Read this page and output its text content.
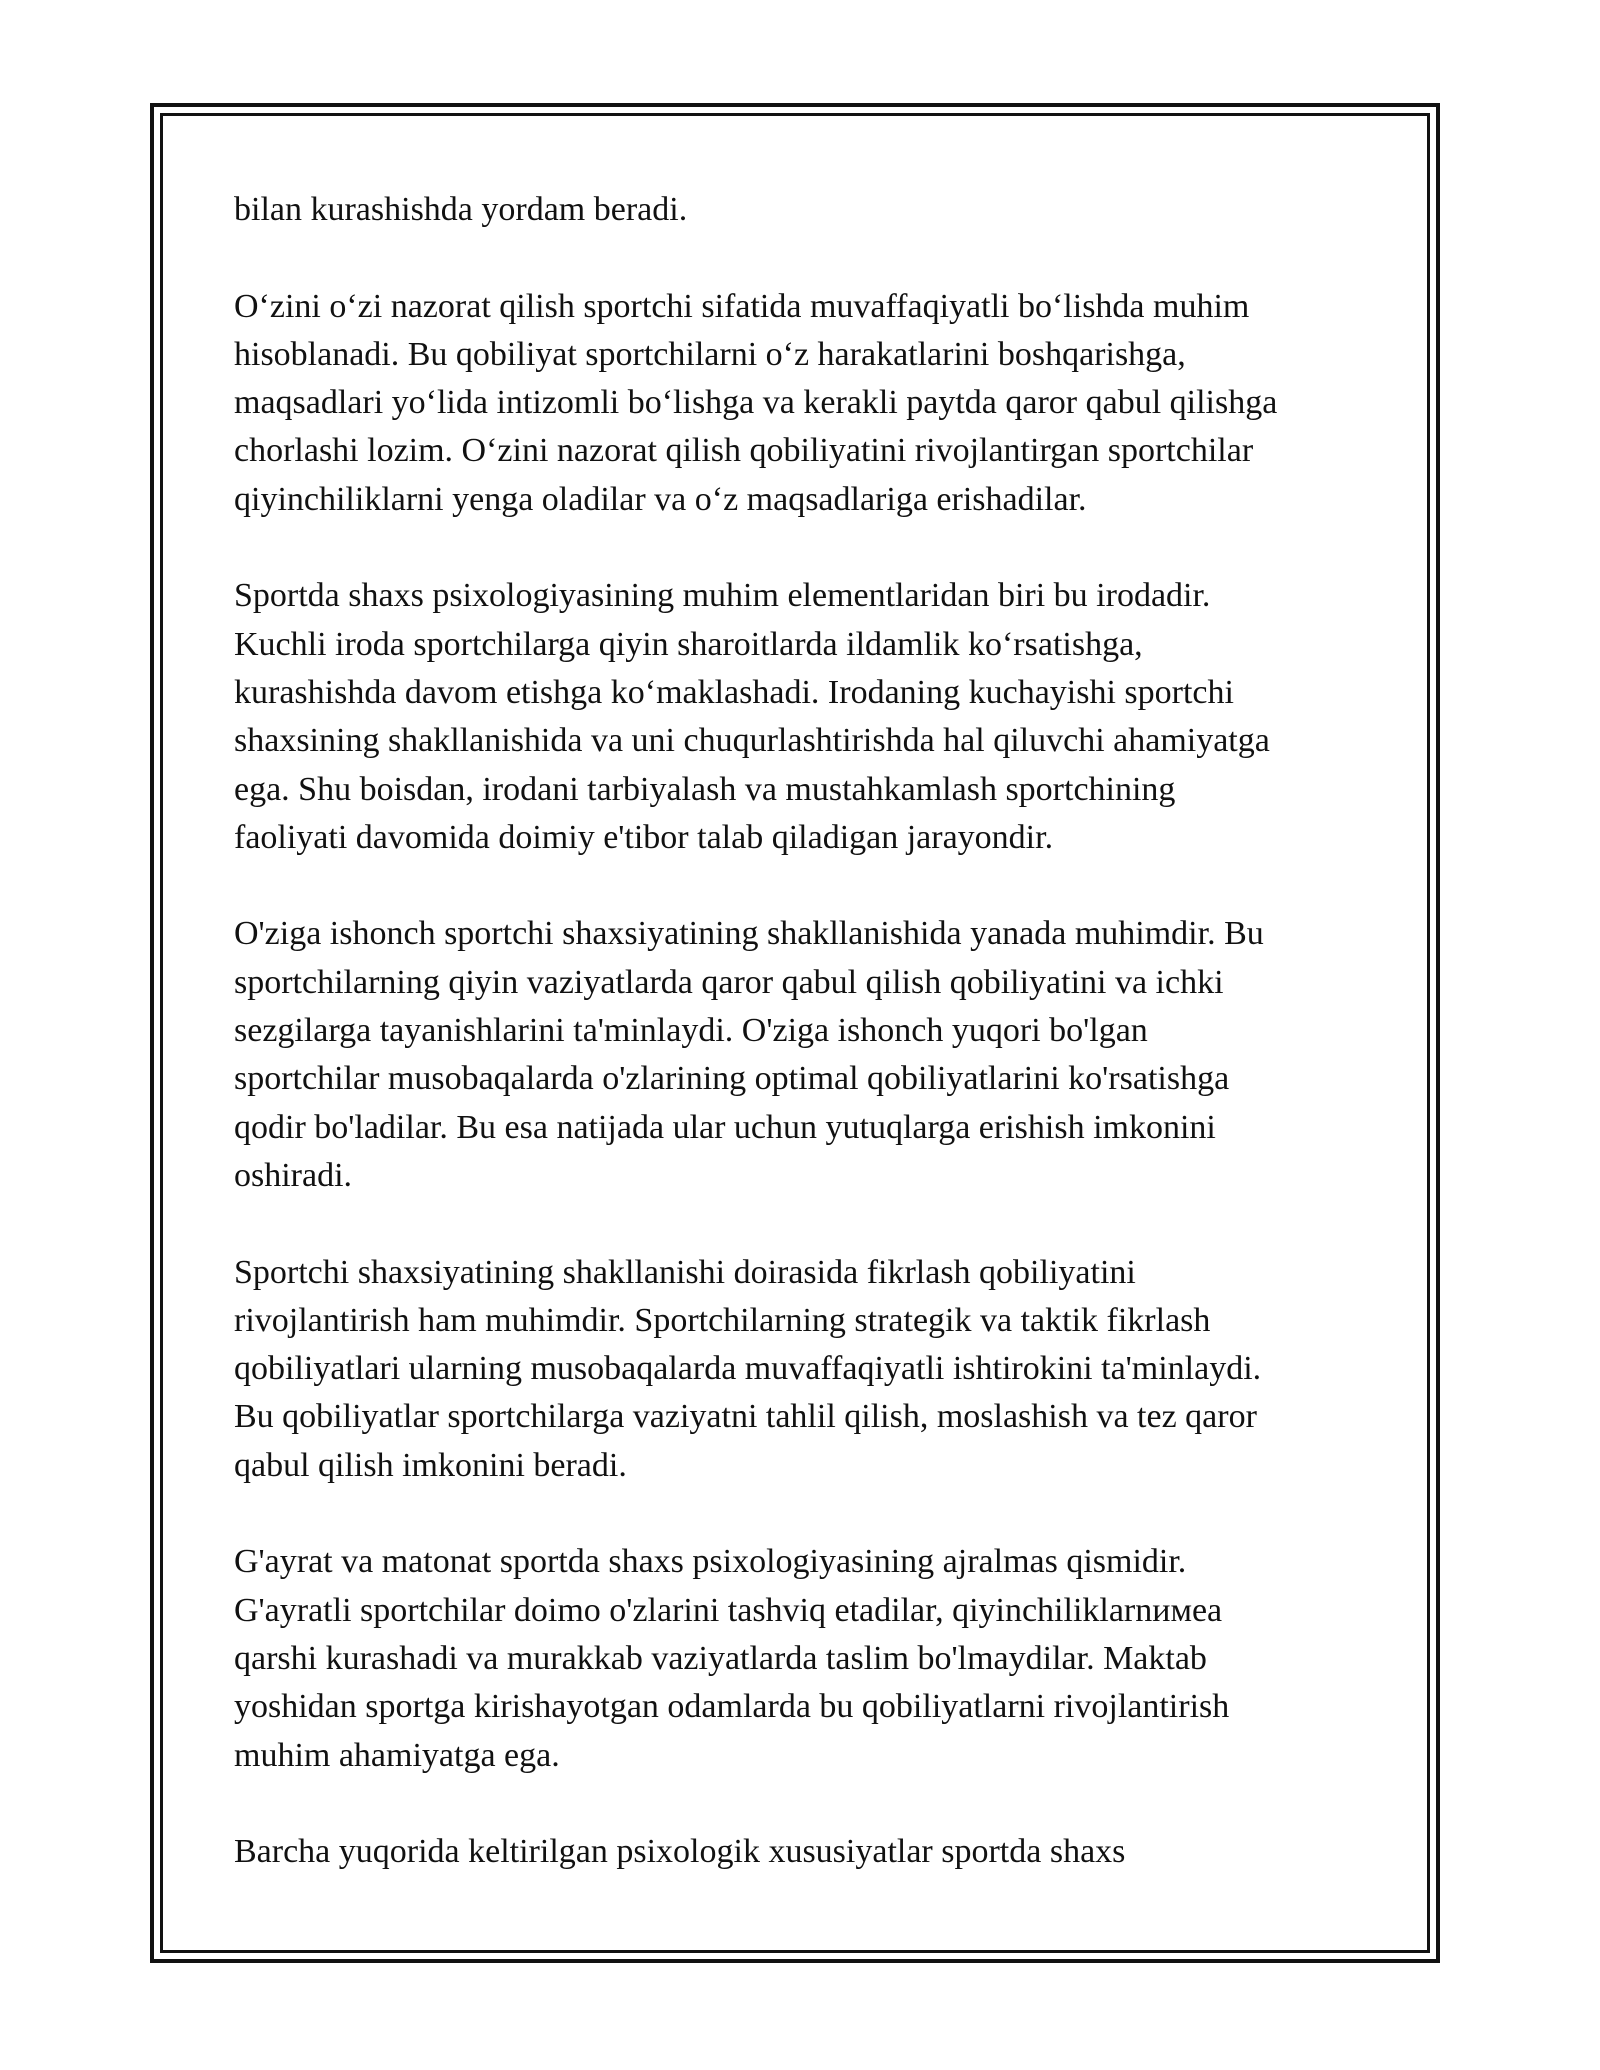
bilan kurashishda yordam beradi.

O‘zini o‘zi nazorat qilish sportchi sifatida muvaffaqiyatli bo‘lishda muhim
hisoblanadi. Bu qobiliyat sportchilarni o‘z harakatlarini boshqarishga,
maqsadlari yo‘lida intizomli bo‘lishga va kerakli paytda qaror qabul qilishga
chorlashi lozim. O‘zini nazorat qilish qobiliyatini rivojlantirgan sportchilar
qiyinchiliklarni yenga oladilar va o‘z maqsadlariga erishadilar.

Sportda shaxs psixologiyasining muhim elementlaridan biri bu irodadir.
Kuchli iroda sportchilarga qiyin sharoitlarda ildamlik ko‘rsatishga,
kurashishda davom etishga ko‘maklashadi. Irodaning kuchayishi sportchi
shaxsining shakllanishida va uni chuqurlashtirishda hal qiluvchi ahamiyatga
ega. Shu boisdan, irodani tarbiyalash va mustahkamlash sportchining
faoliyati davomida doimiy e'tibor talab qiladigan jarayondir.

O'ziga ishonch sportchi shaxsiyatining shakllanishida yanada muhimdir. Bu
sportchilarning qiyin vaziyatlarda qaror qabul qilish qobiliyatini va ichki
sezgilarga tayanishlarini ta'minlaydi. O'ziga ishonch yuqori bo'lgan
sportchilar musobaqalarda o'zlarining optimal qobiliyatlarini ko'rsatishga
qodir bo'ladilar. Bu esa natijada ular uchun yutuqlarga erishish imkonini
oshiradi.

Sportchi shaxsiyatining shakllanishi doirasida fikrlash qobiliyatini
rivojlantirish ham muhimdir. Sportchilarning strategik va taktik fikrlash
qobiliyatlari ularning musobaqalarda muvaffaqiyatli ishtirokini ta'minlaydi.
Bu qobiliyatlar sportchilarga vaziyatni tahlil qilish, moslashish va tez qaror
qabul qilish imkonini beradi.

G'ayrat va matonat sportda shaxs psixologiyasining ajralmas qismidir.
G'ayratli sportchilar doimo o'zlarini tashviq etadilar, qiyinchiliklarnимеa
qarshi kurashadi va murakkab vaziyatlarda taslim bo'lmaydilar. Maktab
yoshidan sportga kirishayotgan odamlarda bu qobiliyatlarni rivojlantirish
muhim ahamiyatga ega.

Barcha yuqorida keltirilgan psixologik xususiyatlar sportda shaxs
